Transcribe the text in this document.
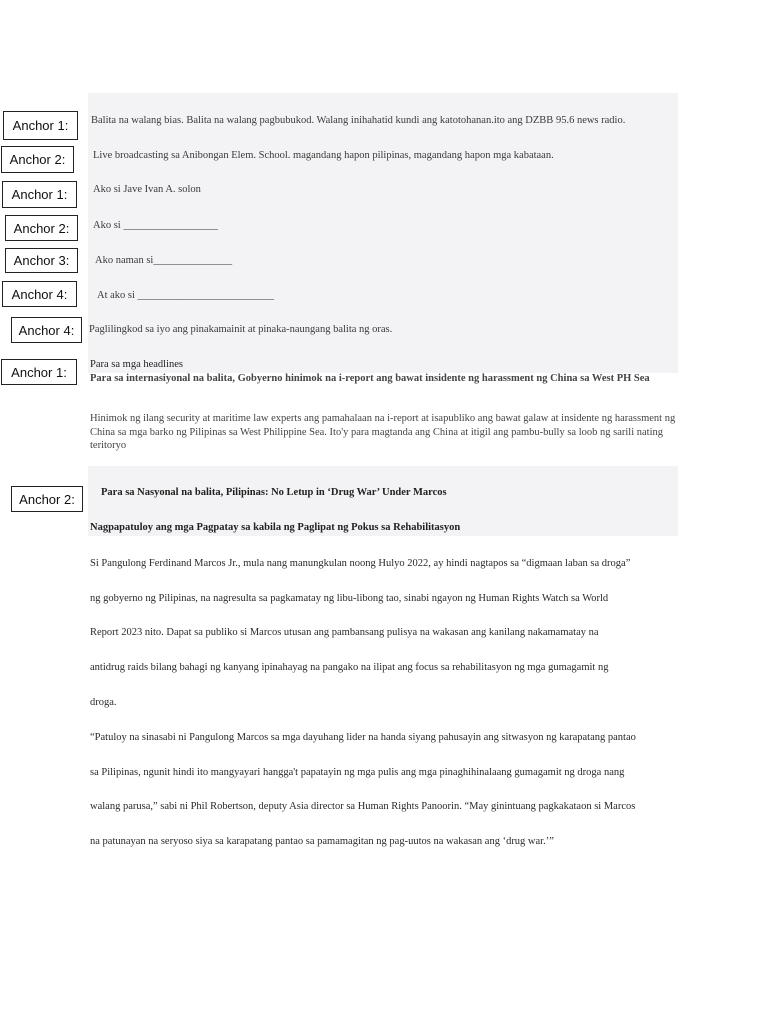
Anchor 1:
Anchor 2:
Anchor 1:
Anchor 2:
Anchor 3:
Anchor 4:
Anchor 4:
Anchor 1:
Anchor 2:
Balita na walang bias. Balita na walang pagbubukod. Walang inihahatid kundi ang katotohanan.ito ang DZBB 95.6 news radio.
Live broadcasting sa Anibongan Elem. School. magandang hapon pilipinas, magandang hapon mga kabataan.
Ako si Jave Ivan A. solon
Ako si __________________
Ako naman si_______________
At ako si __________________________
Paglilingkod sa iyo ang pinakamainit at pinaka-naungang balita ng oras.
Para sa mga headlines
Para sa internasiyonal na balita, Gobyerno hinimok na i-report ang bawat insidente ng harassment ng China sa West PH Sea
Hinimok ng ilang security at maritime law experts ang pamahalaan na i-report at isapubliko ang bawat galaw at insidente ng harassment ng China sa mga barko ng Pilipinas sa West Philippine Sea. Ito'y para magtanda ang China at itigil ang pambu-bully sa loob ng sarili nating teritoryo
Para sa Nasyonal na balita, Pilipinas: No Letup in ‘Drug War’ Under Marcos
Nagpapatuloy ang mga Pagpatay sa kabila ng Paglipat ng Pokus sa Rehabilitasyon
Si Pangulong Ferdinand Marcos Jr., mula nang manungkulan noong Hulyo 2022, ay hindi nagtapos sa “digmaan laban sa droga”
ng gobyerno ng Pilipinas, na nagresulta sa pagkamatay ng libu-libong tao, sinabi ngayon ng Human Rights Watch sa World
Report 2023 nito. Dapat sa publiko si Marcos utusan ang pambansang pulisya na wakasan ang kanilang nakamamatay na
antidrug raids bilang bahagi ng kanyang ipinahayag na pangako na ilipat ang focus sa rehabilitasyon ng mga gumagamit ng
droga.
“Patuloy na sinasabi ni Pangulong Marcos sa mga dayuhang lider na handa siyang pahusayin ang sitwasyon ng karapatang pantao
sa Pilipinas, ngunit hindi ito mangyayari hangga't papatayin ng mga pulis ang mga pinaghihinalaang gumagamit ng droga nang
walang parusa,” sabi ni Phil Robertson, deputy Asia director sa Human Rights Panoorin. “May ginintuang pagkakataon si Marcos
na patunayan na seryoso siya sa karapatang pantao sa pamamagitan ng pag-uutos na wakasan ang ‘drug war.’”
